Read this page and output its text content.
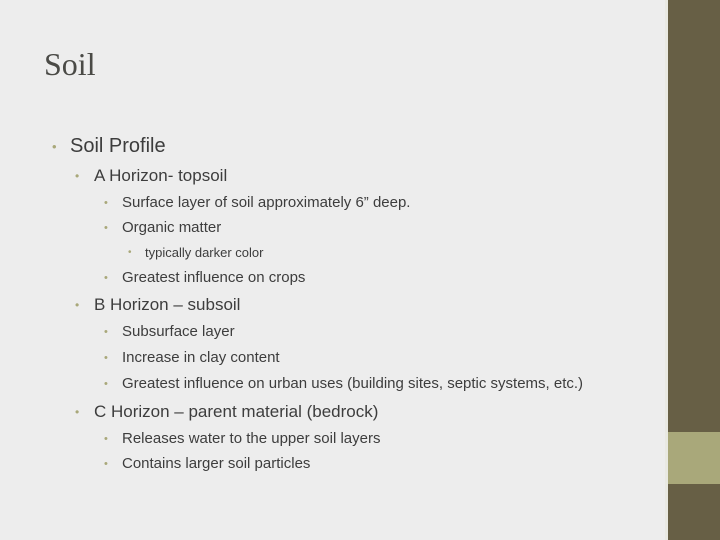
Soil
• Soil Profile
• A Horizon- topsoil
• Surface layer of soil approximately 6” deep.
• Organic matter
• typically darker color
• Greatest influence on crops
• B Horizon – subsoil
• Subsurface layer
• Increase in clay content
• Greatest influence on urban uses (building sites, septic systems, etc.)
• C Horizon – parent material (bedrock)
• Releases water to the upper soil layers
• Contains larger soil particles
